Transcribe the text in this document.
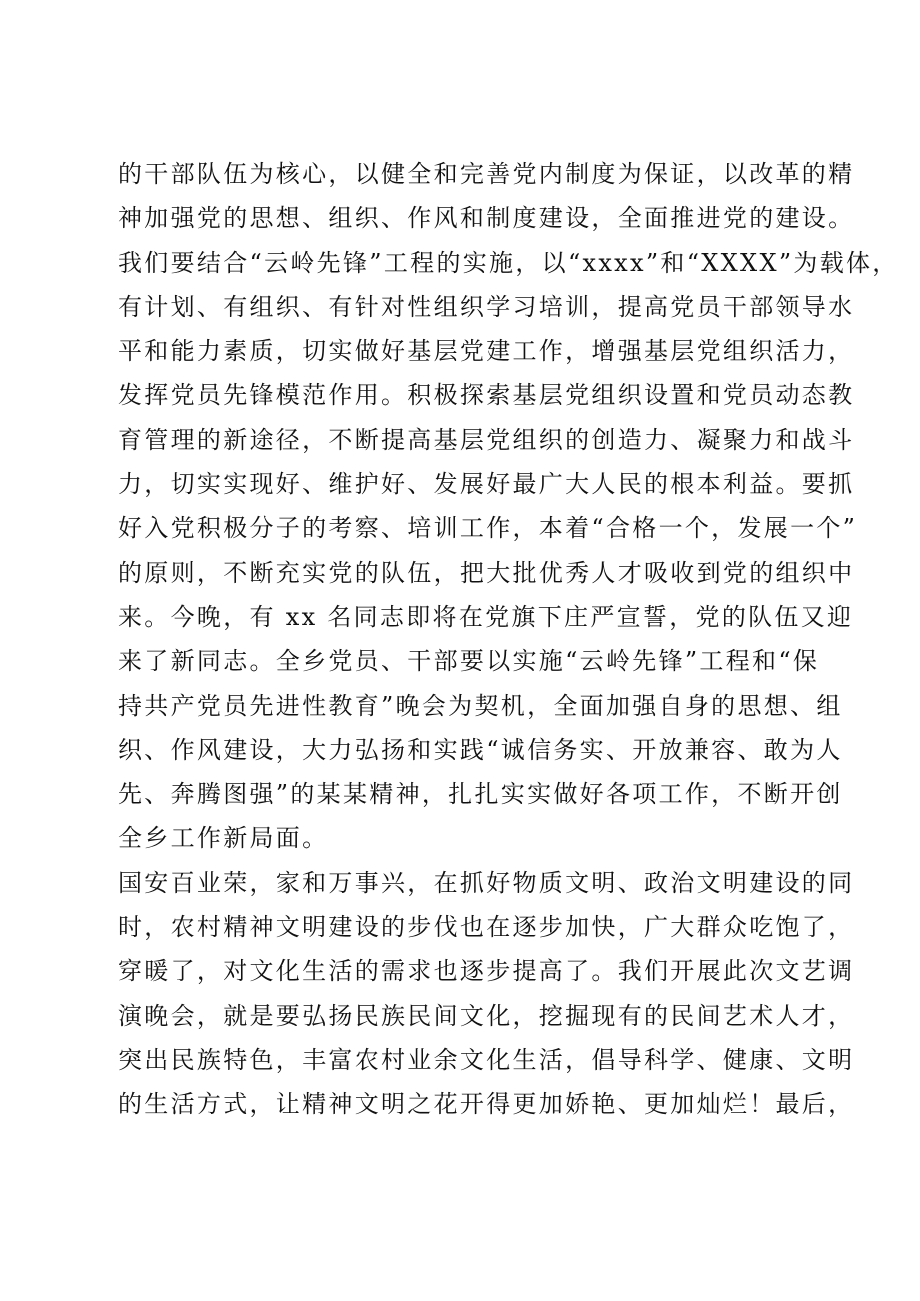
的干部队伍为核心，以健全和完善党内制度为保证，以改革的精
神加强党的思想、组织、作风和制度建设，全面推进党的建设。
我们要结合“云岭先锋”工程的实施，以“xxxx”和“XXXX”为载体，
有计划、有组织、有针对性组织学习培训，提高党员干部领导水
平和能力素质，切实做好基层党建工作，增强基层党组织活力，
发挥党员先锋模范作用。积极探索基层党组织设置和党员动态教
育管理的新途径，不断提高基层党组织的创造力、凝聚力和战斗
力，切实实现好、维护好、发展好最广大人民的根本利益。要抓
好入党积极分子的考察、培训工作，本着“合格一个，发展一个”
的原则，不断充实党的队伍，把大批优秀人才吸收到党的组织中
来。今晚，有 xx 名同志即将在党旗下庄严宣誓，党的队伍又迎
来了新同志。全乡党员、干部要以实施“云岭先锋”工程和“保
持共产党员先进性教育”晚会为契机，全面加强自身的思想、组
织、作风建设，大力弘扬和实践“诚信务实、开放兼容、敢为人
先、奔腾图强”的某某精神，扎扎实实做好各项工作，不断开创
全乡工作新局面。
国安百业荣，家和万事兴，在抓好物质文明、政治文明建设的同
时，农村精神文明建设的步伐也在逐步加快，广大群众吃饱了，
穿暖了，对文化生活的需求也逐步提高了。我们开展此次文艺调
演晚会，就是要弘扬民族民间文化，挖掘现有的民间艺术人才，
突出民族特色，丰富农村业余文化生活，倡导科学、健康、文明
的生活方式，让精神文明之花开得更加娇艳、更加灿烂！最后，
